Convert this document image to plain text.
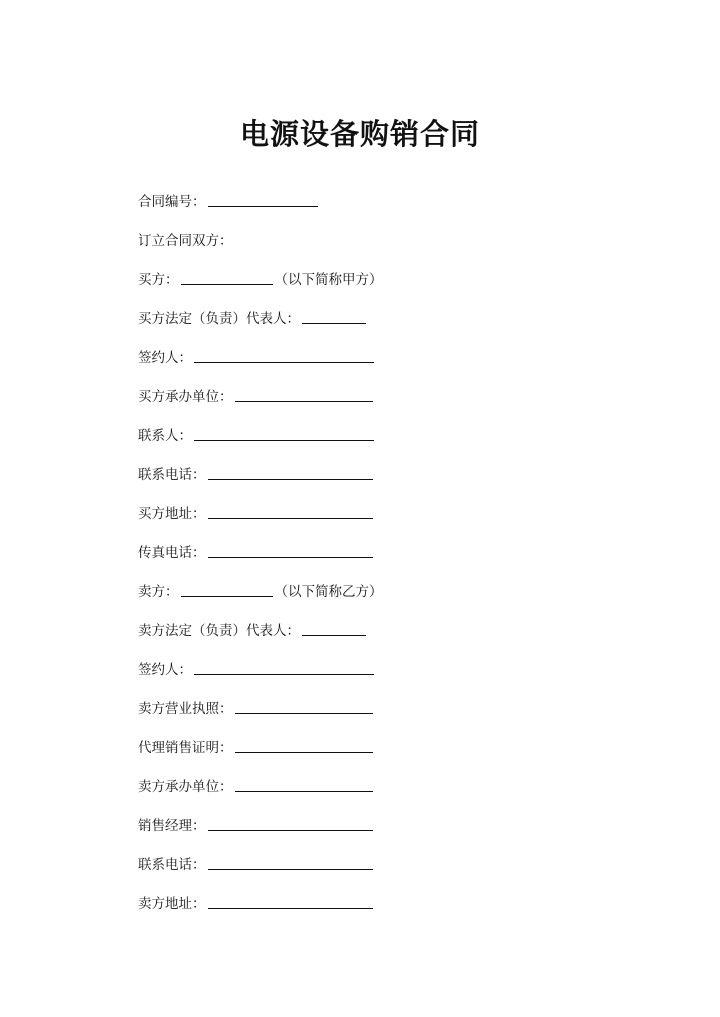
电源设备购销合同
合同编号：
订立合同双方：
买方：	（以下简称甲方）
买方法定（负责）代表人：
签约人：
买方承办单位：
联系人：
联系电话：
买方地址：
传真电话：
卖方：	（以下简称乙方）
卖方法定（负责）代表人：
签约人：
卖方营业执照：
代理销售证明：
卖方承办单位：
销售经理：
联系电话：
卖方地址：
